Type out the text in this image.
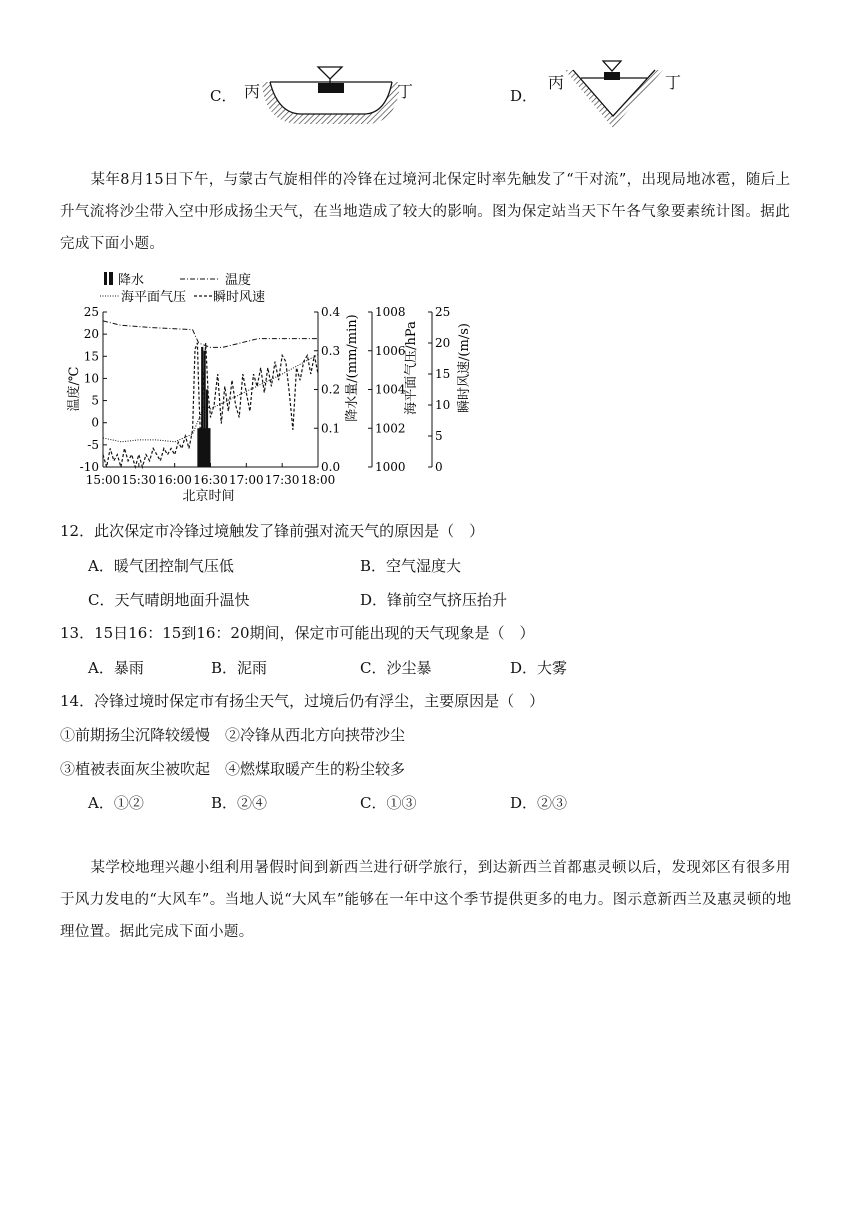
C． 丙	丁	D．
丙	丁
某年8月15日下午，与蒙古气旋相伴的冷锋在过境河北保定时率先触发了“干对流”，出现局地冰雹，随后上升气流将沙尘带入空中形成扬尘天气，在当地造成了较大的影响。图为保定站当天下午各气象要素统计图。据此完成下面小题。
降水	温度
海平面气压 瞬时风速
25
20
15
10
5
0
-5
-10
温度/℃
15:00 15:30 16:00 16:30 17:00 17:30 18:00
北京时间
0.4
0.3
0.2
0.1
0.0
1008
1006
1004
1002
1000
25
20
15
10
5
0
降水量/(mm/min)	海平面气压/hPa	瞬时风速/(m/s)
12．此次保定市冷锋过境触发了锋前强对流天气的原因是（　）
A．暖气团控制气压低	B．空气湿度大
C．天气晴朗地面升温快	D．锋前空气挤压抬升
13．15日16：15到16：20期间，保定市可能出现的天气现象是（　）
A．暴雨	B．泥雨	C．沙尘暴	D．大雾
14．冷锋过境时保定市有扬尘天气，过境后仍有浮尘，主要原因是（　）
①前期扬尘沉降较缓慢　②冷锋从西北方向挟带沙尘
③植被表面灰尘被吹起　④燃煤取暖产生的粉尘较多
A．①②	B．②④	C．①③	D．②③
某学校地理兴趣小组利用暑假时间到新西兰进行研学旅行，到达新西兰首都惠灵顿以后，发现郊区有很多用于风力发电的“大风车”。当地人说“大风车”能够在一年中这个季节提供更多的电力。图示意新西兰及惠灵顿的地理位置。据此完成下面小题。
